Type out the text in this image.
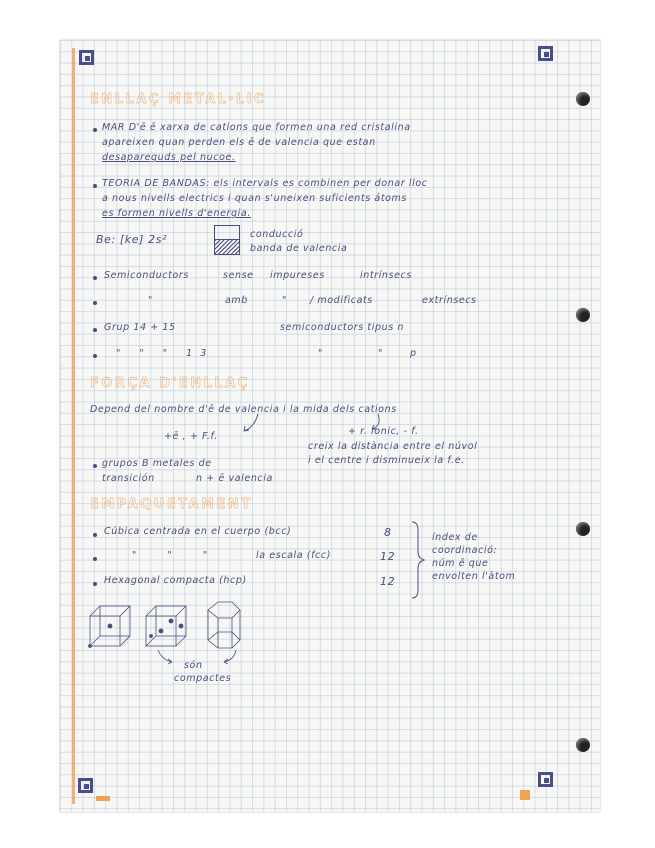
ENLLAÇ METAL·LIC
MAR D'ē ē xarxa de cations que formen una red cristalina
apareixen quan perden els ē de valencia que estan
desapareguds pel nucoe.
TEORIA DE BANDAS: els intervals es combinen per donar lloc
a nous nivells electrics i quan s'uneixen suficients átoms
es formen nivells d'energia.
Be: [ke] 2s²	conducció
banda de valencia
Semiconductors	sense impureses	intrínsecs
"	amb	" / modificats	extrínsecs
Grup 14 + 15	semiconductors tipus n
" " " 13	"	"	p
FORÇA D'ENLLAÇ
Depend del nombre d'ē de valencia i la mida dels cations
+ē , + F.f.	+ r. ionic, - f.
creix la distància entre el núvol
grupos B metales de	i el centre i disminueix la f.e.
transición	n + ē valencia
EMPAQUETAMENT
Cúbica centrada en el cuerpo (bcc)	8
" " "	la escala (fcc)	12
Hexagonal compacta (hcp)	12
índex de
coordinació:
núm ē que
envolten l'àtom
són
compactes
